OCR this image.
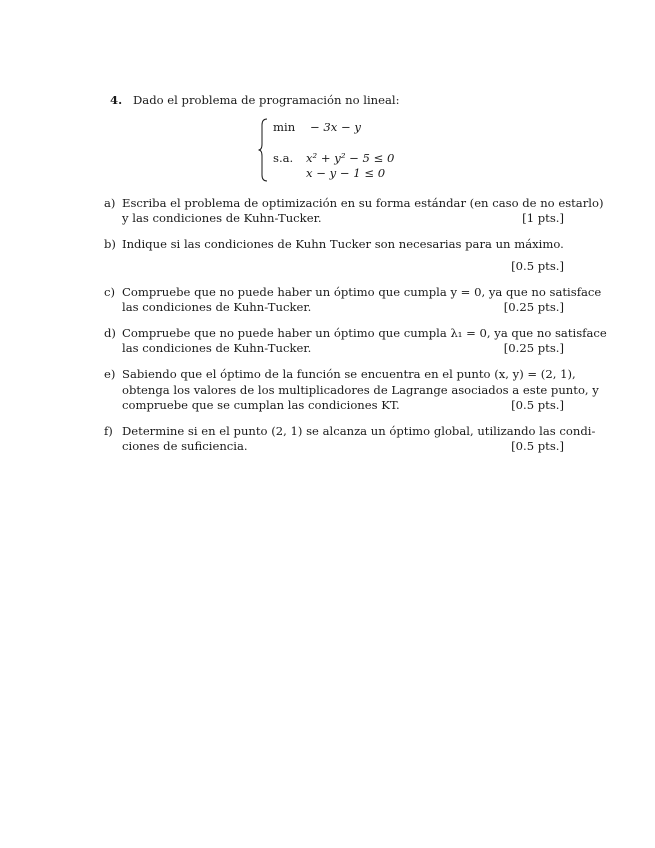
4. Dado el problema de programación no lineal:
min − 3x − y
s.a. x² + y² − 5 ≤ 0
x − y − 1 ≤ 0
a) Escriba el problema de optimización en su forma estándar (en caso de no estarlo)
y las condiciones de Kuhn-Tucker.	[1 pts.]
b) Indique si las condiciones de Kuhn Tucker son necesarias para un máximo.
[0.5 pts.]
c) Compruebe que no puede haber un óptimo que cumpla y = 0, ya que no satisface
las condiciones de Kuhn-Tucker.	[0.25 pts.]
d) Compruebe que no puede haber un óptimo que cumpla λ₁ = 0, ya que no satisface
las condiciones de Kuhn-Tucker.	[0.25 pts.]
e) Sabiendo que el óptimo de la función se encuentra en el punto (x, y) = (2, 1),
obtenga los valores de los multiplicadores de Lagrange asociados a este punto, y
compruebe que se cumplan las condiciones KT.	[0.5 pts.]
f) Determine si en el punto (2, 1) se alcanza un óptimo global, utilizando las condi-
ciones de suficiencia.	[0.5 pts.]
